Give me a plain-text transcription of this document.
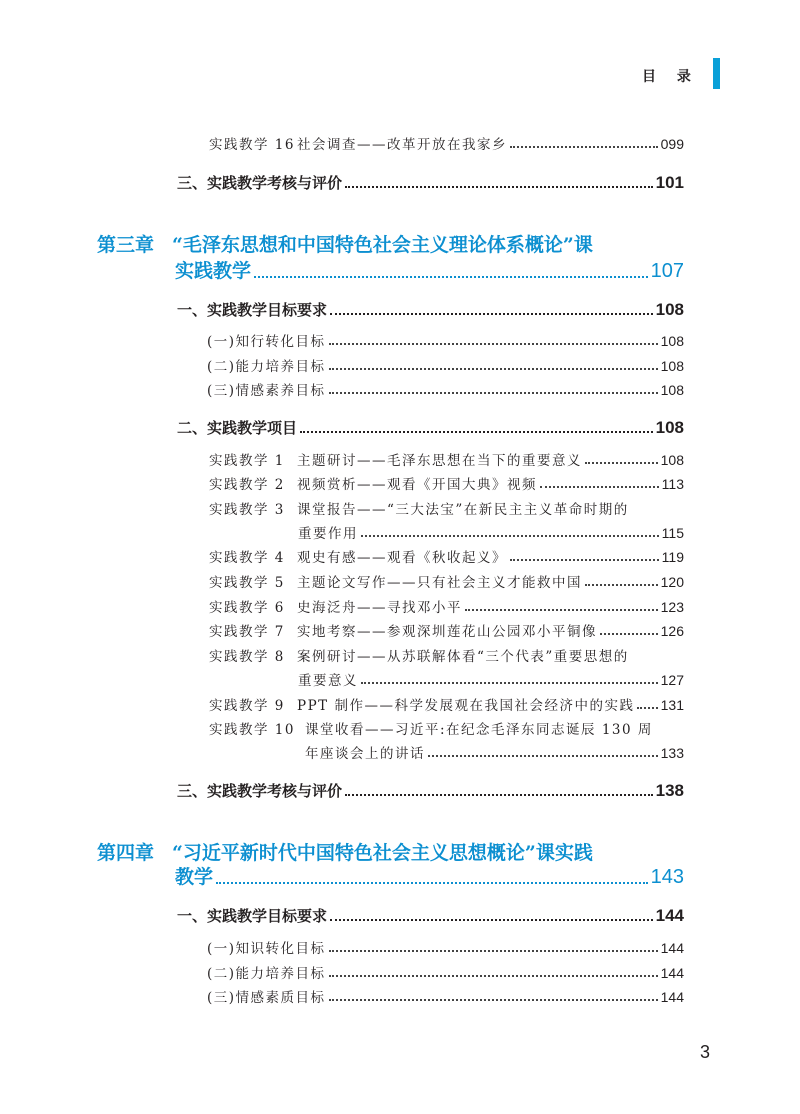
目 录
实践教学 16 社会调查——改革开放在我家乡	099
三、实践教学考核与评价	101
第三章 “毛泽东思想和中国特色社会主义理论体系概论”课
实践教学	107
一、实践教学目标要求	108
(一)知行转化目标	108
(二)能力培养目标	108
(三)情感素养目标	108
二、实践教学项目	108
实践教学 1 主题研讨——毛泽东思想在当下的重要意义	108
实践教学 2 视频赏析——观看《开国大典》视频	113
实践教学 3 课堂报告——“三大法宝”在新民主主义革命时期的
重要作用	115
实践教学 4 观史有感——观看《秋收起义》	119
实践教学 5 主题论文写作——只有社会主义才能救中国	120
实践教学 6 史海泛舟——寻找邓小平	123
实践教学 7 实地考察——参观深圳莲花山公园邓小平铜像	126
实践教学 8 案例研讨——从苏联解体看“三个代表”重要思想的
重要意义	127
实践教学 9 PPT 制作——科学发展观在我国社会经济中的实践 131
实践教学 10 课堂收看——习近平:在纪念毛泽东同志诞辰 130 周
年座谈会上的讲话	133
三、实践教学考核与评价	138
第四章 “习近平新时代中国特色社会主义思想概论”课实践
教学	143
一、实践教学目标要求	144
(一)知识转化目标	144
(二)能力培养目标	144
(三)情感素质目标	144
3
